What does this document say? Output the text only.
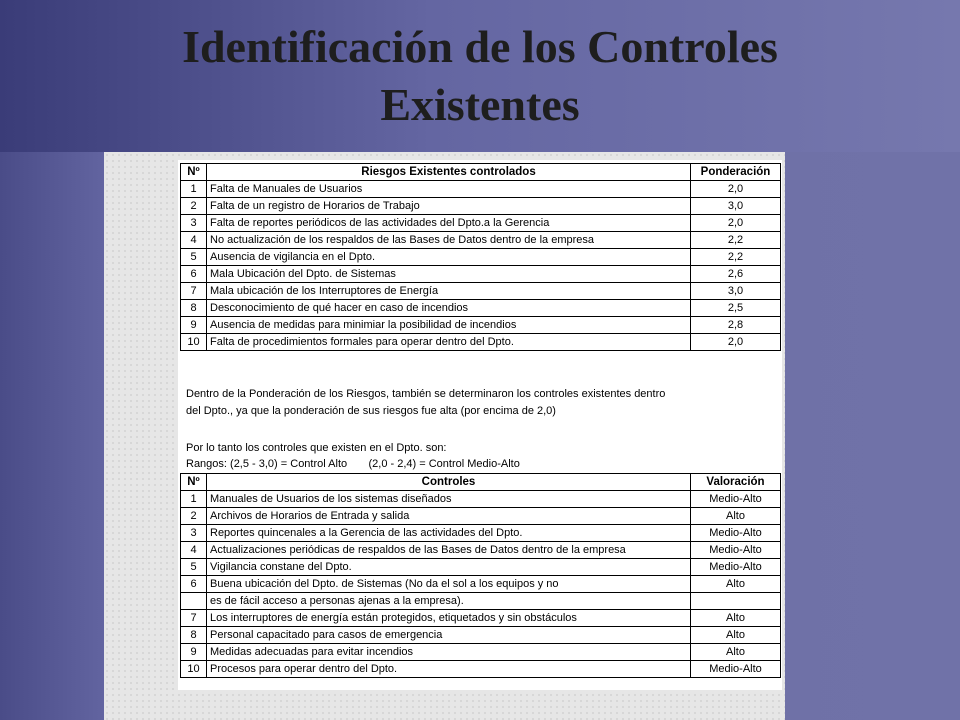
Identificación de los Controles
Existentes
Nº	Riesgos Existentes controlados	Ponderación
1	Falta de Manuales de Usuarios	2,0
2	Falta de un registro de Horarios de Trabajo	3,0
3	Falta de reportes periódicos de las actividades del Dpto.a la Gerencia	2,0
4	No actualización de los respaldos de las Bases de Datos dentro de la empresa	2,2
5	Ausencia de vigilancia en el Dpto.	2,2
6	Mala Ubicación del Dpto. de Sistemas	2,6
7	Mala ubicación de los Interruptores de Energía	3,0
8	Desconocimiento de qué hacer en caso de incendios	2,5
9	Ausencia de medidas para minimiar la posibilidad de incendios	2,8
10	Falta de procedimientos formales para operar dentro del Dpto.	2,0
Dentro de la Ponderación de los Riesgos, también se determinaron los controles existentes dentro
del Dpto., ya que la ponderación de sus riesgos fue alta (por encima de 2,0)
Por lo tanto los controles que existen en el Dpto. son:
Rangos: (2,5 - 3,0) = Control Alto       (2,0 - 2,4) = Control Medio-Alto
Nº	Controles	Valoración
1	Manuales de Usuarios de los sistemas diseñados	Medio-Alto
2	Archivos de Horarios de Entrada y salida	Alto
3	Reportes quincenales a la Gerencia de las actividades del Dpto.	Medio-Alto
4	Actualizaciones periódicas de respaldos de las Bases de Datos dentro de la empresa	Medio-Alto
5	Vigilancia constane del Dpto.	Medio-Alto
6	Buena ubicación del Dpto. de Sistemas (No da el sol a los equipos y no	Alto
	es de fácil acceso a personas ajenas a la empresa).	
7	Los interruptores de energía están protegidos, etiquetados y sin obstáculos	Alto
8	Personal capacitado para casos de emergencia	Alto
9	Medidas adecuadas para evitar incendios	Alto
10	Procesos para operar dentro del Dpto.	Medio-Alto
